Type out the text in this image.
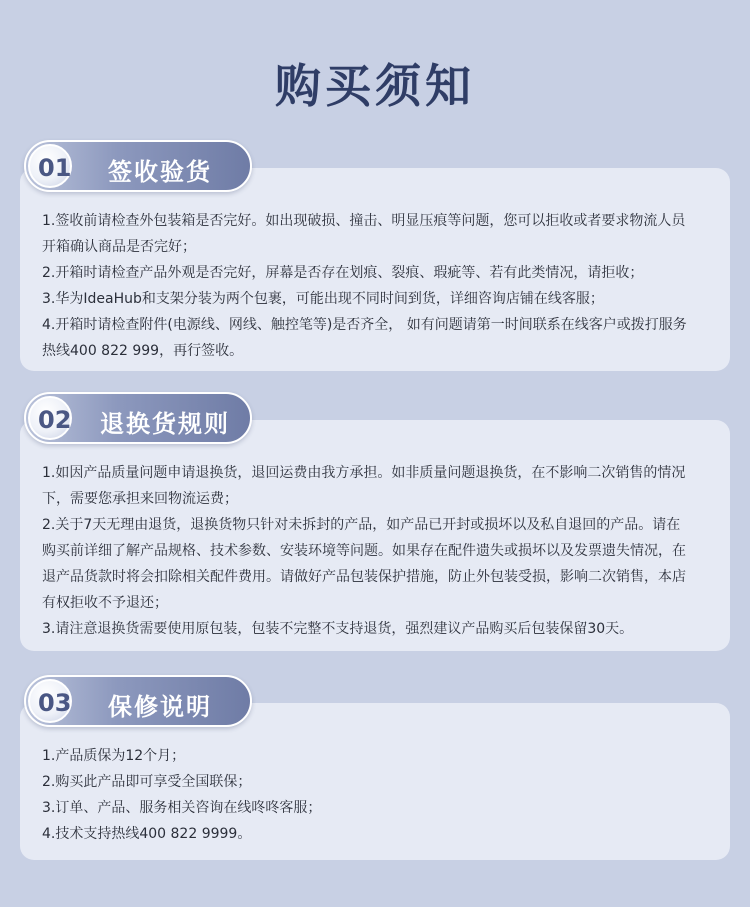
购买须知
1.签收前请检查外包装箱是否完好。如出现破损、撞击、明显压痕等问题，您可以拒收或者要求物流人员开箱确认商品是否完好；
2.开箱时请检查产品外观是否完好，屏幕是否存在划痕、裂痕、瑕疵等、若有此类情况，请拒收；
3.华为IdeaHub和支架分装为两个包裹，可能出现不同时间到货，详细咨询店铺在线客服；
4.开箱时请检查附件(电源线、网线、触控笔等)是否齐全， 如有问题请第一时间联系在线客户或拨打服务热线400 822 999，再行签收。
01 签收验货
1.如因产品质量问题申请退换货，退回运费由我方承担。如非质量问题退换货，在不影响二次销售的情况下，需要您承担来回物流运费；
2.关于7天无理由退货，退换货物只针对未拆封的产品，如产品已开封或损坏以及私自退回的产品。请在购买前详细了解产品规格、技术参数、安装环境等问题。如果存在配件遗失或损坏以及发票遗失情况，在退产品货款时将会扣除相关配件费用。请做好产品包装保护措施，防止外包装受损，影响二次销售，本店有权拒收不予退还；
3.请注意退换货需要使用原包装，包装不完整不支持退货，强烈建议产品购买后包装保留30天。
02 退换货规则
1.产品质保为12个月；
2.购买此产品即可享受全国联保；
3.订单、产品、服务相关咨询在线咚咚客服；
4.技术支持热线400 822 9999。
03 保修说明
